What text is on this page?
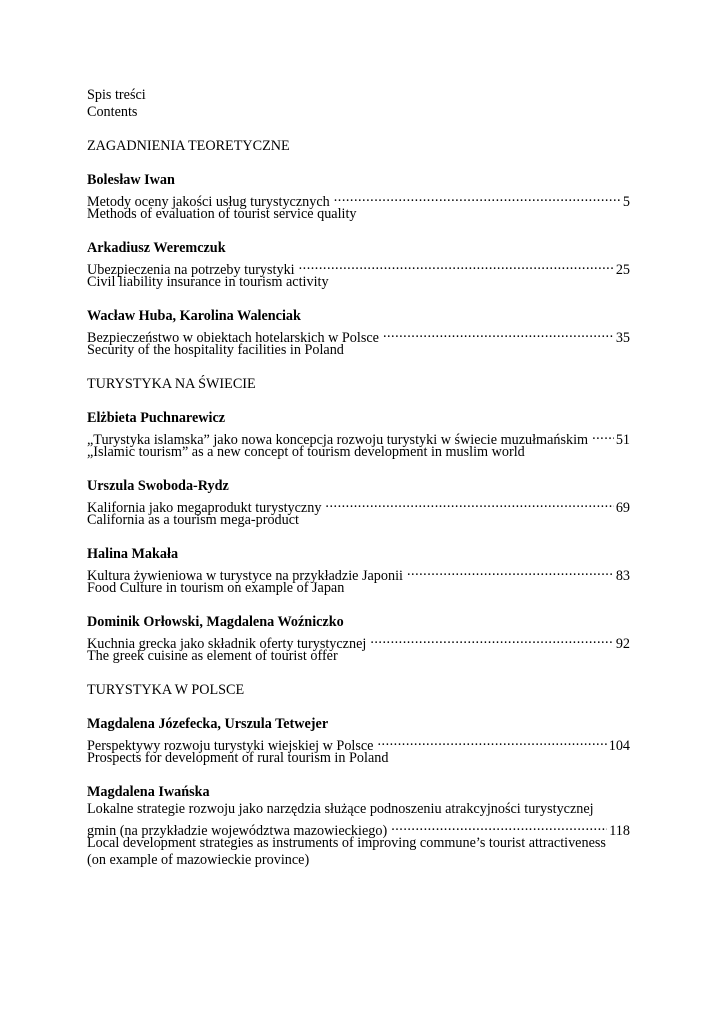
Spis treści
Contents
ZAGADNIENIA TEORETYCZNE
Bolesław Iwan
Metody oceny jakości usług turystycznych .....	5
Methods of evaluation of tourist service quality
Arkadiusz Weremczuk
Ubezpieczenia na potrzeby turystyki .....	25
Civil liability insurance in tourism activity
Wacław Huba, Karolina Walenciak
Bezpieczeństwo w obiektach hotelarskich w Polsce .....	35
Security of the hospitality facilities in Poland
TURYSTYKA NA ŚWIECIE
Elżbieta Puchnarewicz
„Turystyka islamska” jako nowa koncepcja rozwoju turystyki w świecie muzułmańskim ..... 51
„Islamic tourism” as a new concept of tourism development in muslim world
Urszula Swoboda-Rydz
Kalifornia jako megaprodukt turystyczny .....	69
California as a tourism mega-product
Halina Makała
Kultura żywieniowa w turystyce na przykładzie Japonii .....	83
Food Culture in tourism on example of Japan
Dominik Orłowski, Magdalena Woźniczko
Kuchnia grecka jako składnik oferty turystycznej .....	92
The greek cuisine as element of tourist offer
TURYSTYKA W POLSCE
Magdalena Józefecka, Urszula Tetwejer
Perspektywy rozwoju turystyki wiejskiej w Polsce .....	104
Prospects for development of rural tourism in Poland
Magdalena Iwańska
Lokalne strategie rozwoju jako narzędzia służące podnoszeniu atrakcyjności turystycznej
gmin (na przykładzie województwa mazowieckiego) .....	118
Local development strategies as instruments of improving commune’s tourist attractiveness
(on example of mazowieckie province)
